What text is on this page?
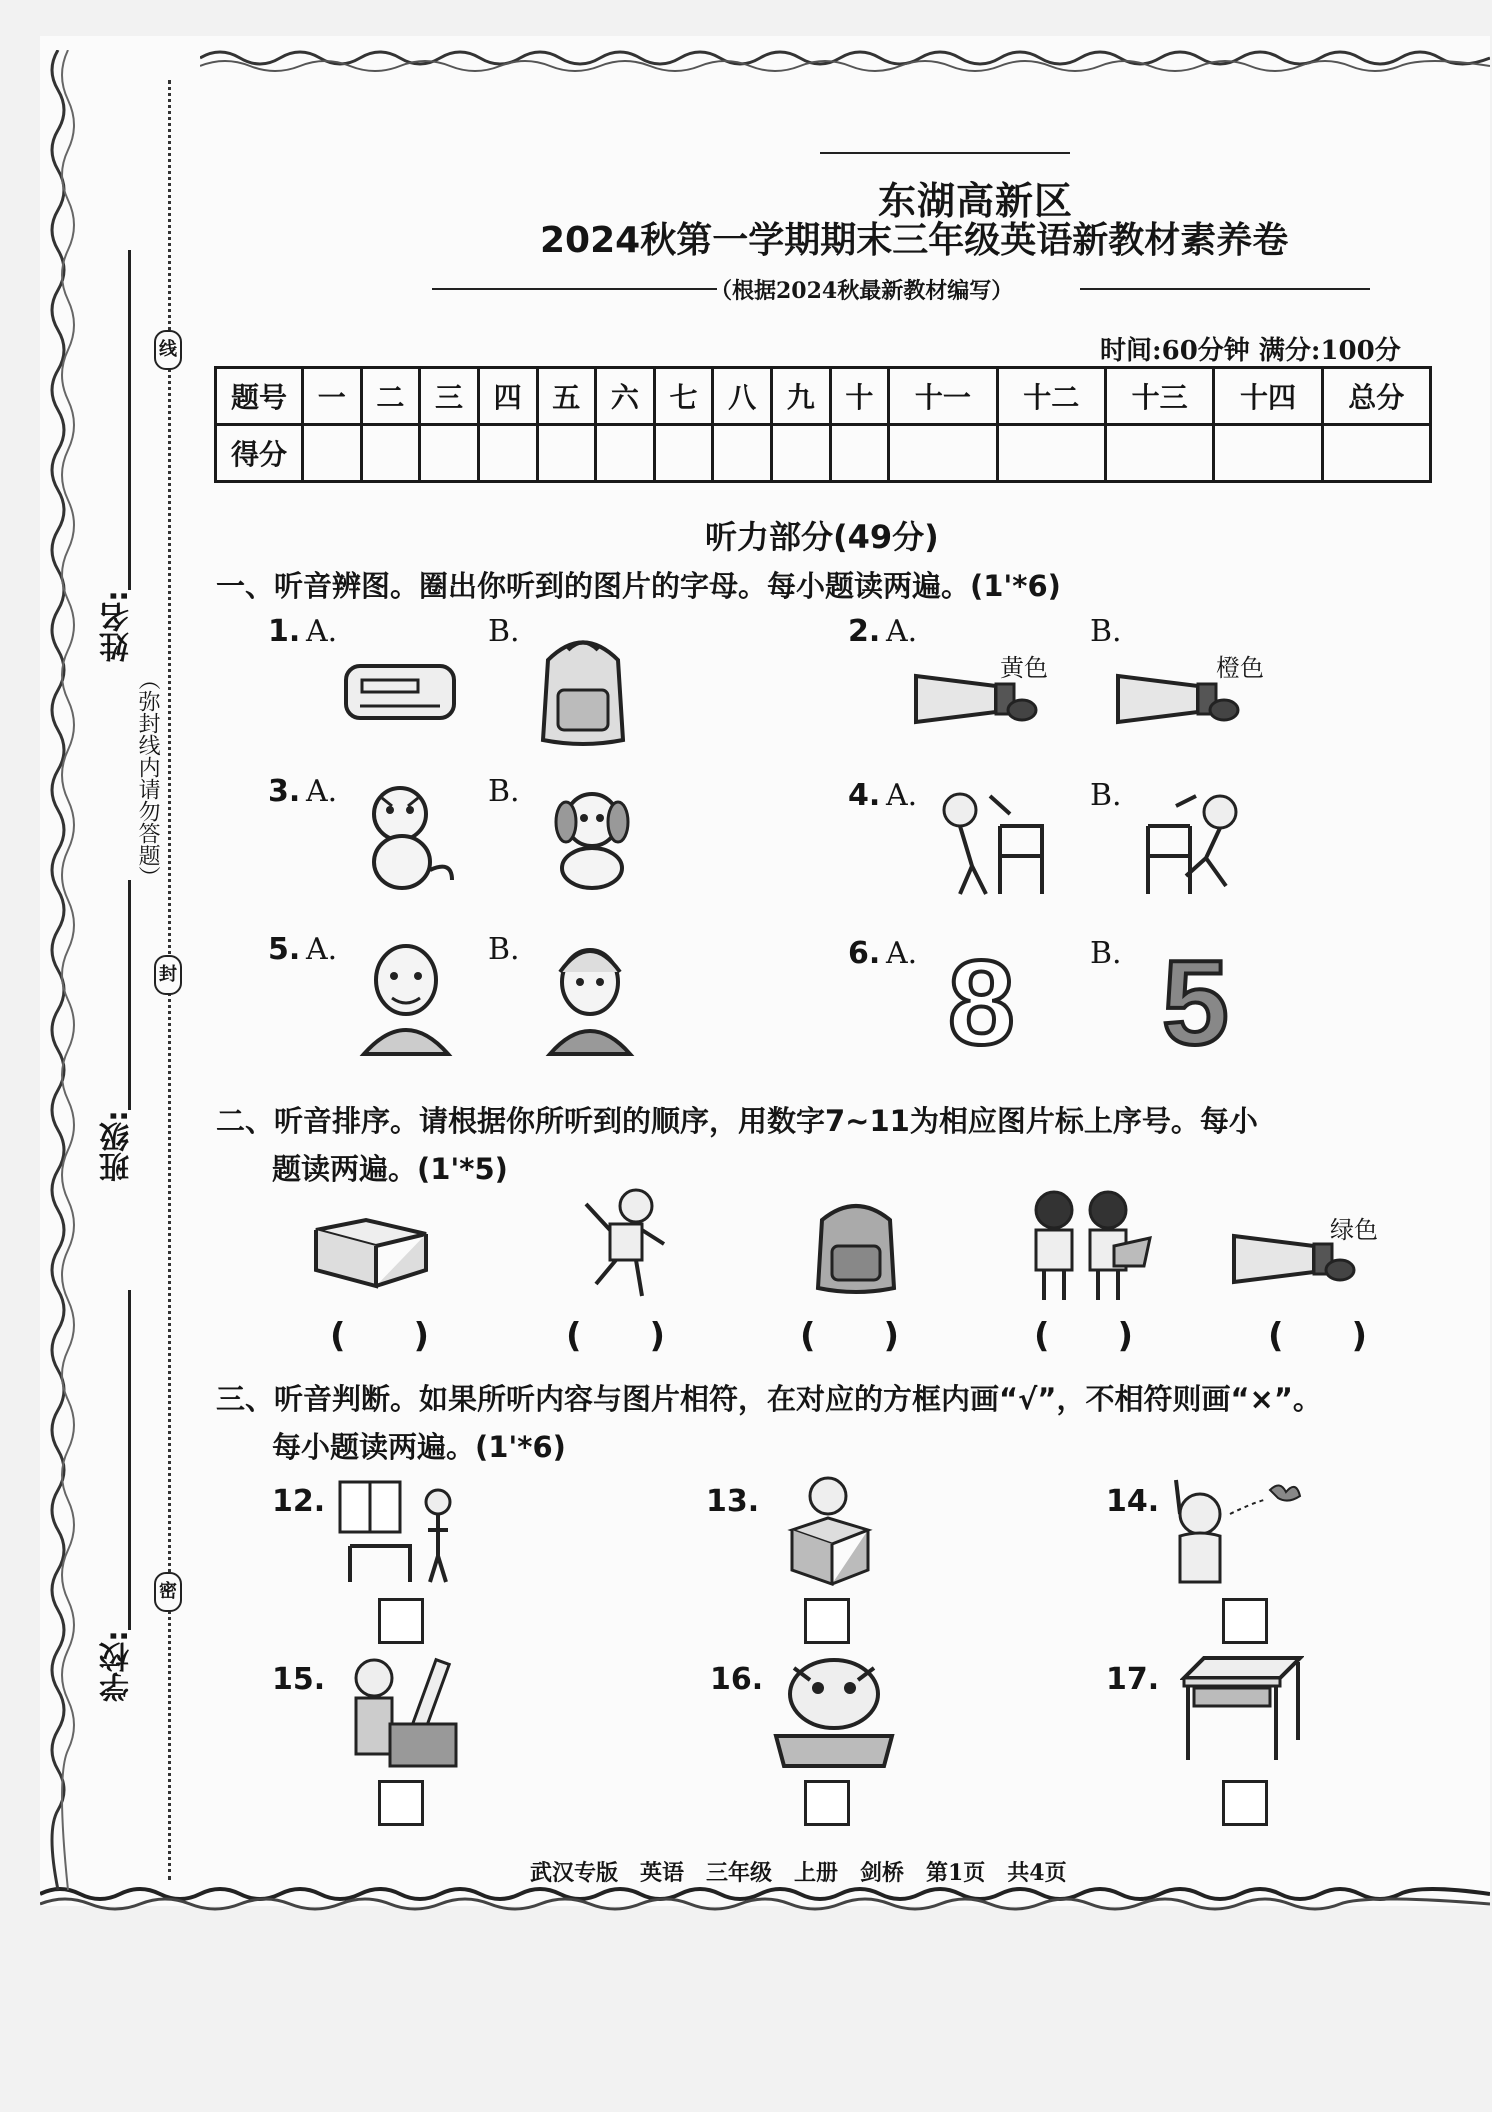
姓名:
班级:
学校:
线
封
密
（弥封线内请勿答题）
东湖高新区
2024秋第一学期期末三年级英语新教材素养卷
（根据2024秋最新教材编写）
时间:60分钟 满分:100分
题号	一	二	三	四	五	六	七	八	九	十	十一	十二	十三	十四	总分
得分															
听力部分(49分)
一、听音辨图。圈出你听到的图片的字母。每小题读两遍。(1'*6)
1. A.	B.	2. A.	B.
黄色	橙色
3. A.	B.	4. A.	B.
5. A.	B.	6. A.	B.
8 5
二、听音排序。请根据你所听到的顺序，用数字7~11为相应图片标上序号。每小
题读两遍。(1'*5)
绿色
(　　)	(　　)	(　　)	(　　)	(　　)
三、听音判断。如果所听内容与图片相符，在对应的方框内画“√”，不相符则画“×”。
每小题读两遍。(1'*6)
12.	13.	14.
15.	16.	17.
武汉专版　英语　三年级　上册　剑桥　第1页　共4页
